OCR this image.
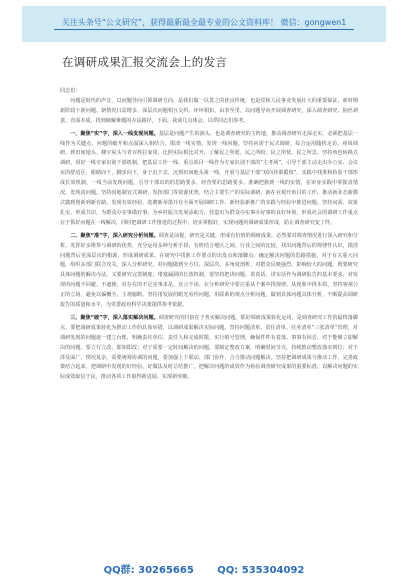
关注头条号“公文研究”，获得最新最全最专业的公文资料库！ 微信：gongwen1
在调研成果汇报交流会上的发言

同志们：

问题是时代的声音，以问题导向引领调研方向，是我们做一以贯之的优良传统，也是党和人民事业发展壮大的重要保证。新时期新阶段下新问题、新情况日益增多，深层次问题相互交织、环环相扣，由表至里，以问题导向开展调查研究，深入调查研究、抽丝剥茧、直面本质，找到破解难题的办法路径，下面，我谈几点体会，以供同志们参考。

一、聚焦“实”字，深入一线发现问题。基层是问题产生的源头，也是调查研究的主阵地。推动调查研究走深走实，必须把基层一线作为关键点，问题的破开和点面深入相结合，摸清一线实情，发现一线问题。坚持问需于民式调研，综合运用随机走访、座谈调研、到田间地头、楼宇屋头与老百姓拉家常，比照实际相比对开，了解民之所愿、民之所盼、民之所忧、民之所急。坚持角色转换式调研，用好一线专家识别干部机制，把基层工作一线、重点项目一线作为专家识别干部的“主考场”，引导干部主动走出办公室、会议室的舒适区，眼睛向下，脚步向下，身子沉下去，沉到田间地头第一线，开展与基层干部“双向挂职锻炼”，实践中找准和检验干部形成长效机制，一线当前发现问题，引导干部出的的思路要多，经营要的思路要多。准确把握到一线的实情，在审身实践中掌握真情况、发现真问题。坚持因地制宜式调研，发挥部门等资源优势，结合主要生产的实际调研、新在业观开始目的工作，推动新业态新模式做到创新到新有路，发现有效经验，选聘新举措并在全面开展调研工作、新经验新推广的实践与经验中推进问题。坚持问需、效果扎实、形成共识，为群众办实事做好事，为乡村振兴发展添助力，营造出为群众办实事办好事的良好环境，形成社会的调研工作重点在于抓好问题在一线解决，同时把调研工作推进的过程中，切实掌握好，实现问题的调研成果形成，防止调查研究变了样。

二、聚焦“准”字，深入研究分析问题。调查是前提，研究是关键。形成有价值的调研成果，必然要对调查情况进行深入研究和分析。发挥好多维参与调研的优势，充分运用多种分析手段，有机结合地区之间、行业之间的比较，找出问题背后的规律性认识，摸清问题背后更深层次的根源，形成调研成果。在研究中找准工作要点的出发点和落脚点，确定解决问题的思路措施。对于有关重大问题，组织多部门联合攻关、深入分析研究，对问题做到全方位、深层次、多角度剖析，对群众反映强烈、影响较大的问题，既要研究具体问题的解决办法，又要研究完善制度、堵塞漏洞的长效机制。要坚持把讲问题、讲真话、讲实话作为调研报告的基本要求，对发现的问题不回避、不遮掩，对存在的不足实事求是、直言不讳。在分析研究中要注重从个案中找规律、从现象中找本质，坚持客观公正的立场，避免以偏概全、主观臆断。坚持用发展的眼光看待问题，用联系的观点分析问题，做到具体问题具体分析，不断提高调研报告的质量和水平，为党委政府科学决策提供参考依据。

三、聚焦“破”字，深入落实解决问题。调查研究的归宿在于务实解决问题。抓好调研成果转化运用，是调查研究工作的最终落脚点，要把调研成果转化为推动工作的具体举措，以调研成果解决实际问题。坚持问题清单、责任清单、任务清单“三张清单”管理，对调研发现的问题逐一建立台账，明确责任单位、责任人和完成时限，实行销号管理，确保件件有着落、事事有回音。对于能够立即解决的问题，要立行立改、即知即改；对于需要一定时间解决的问题，要制定整改方案，明确时间节点，持续推动整改落实到位；对于涉及面广、情况复杂、需要统筹协调的问题，要加强上下联动、部门协作，合力推动问题解决。坚持把调研成果与推动工作、完善政策结合起来，把调研中发现的好经验、好做法及时总结推广，把解决问题的成效作为检验调查研究成果的重要标准，以解决问题的实际成效取信于民，推动各项工作取得新进展、实现新突破。

QQ群: 30265665 QQ: 535304092
